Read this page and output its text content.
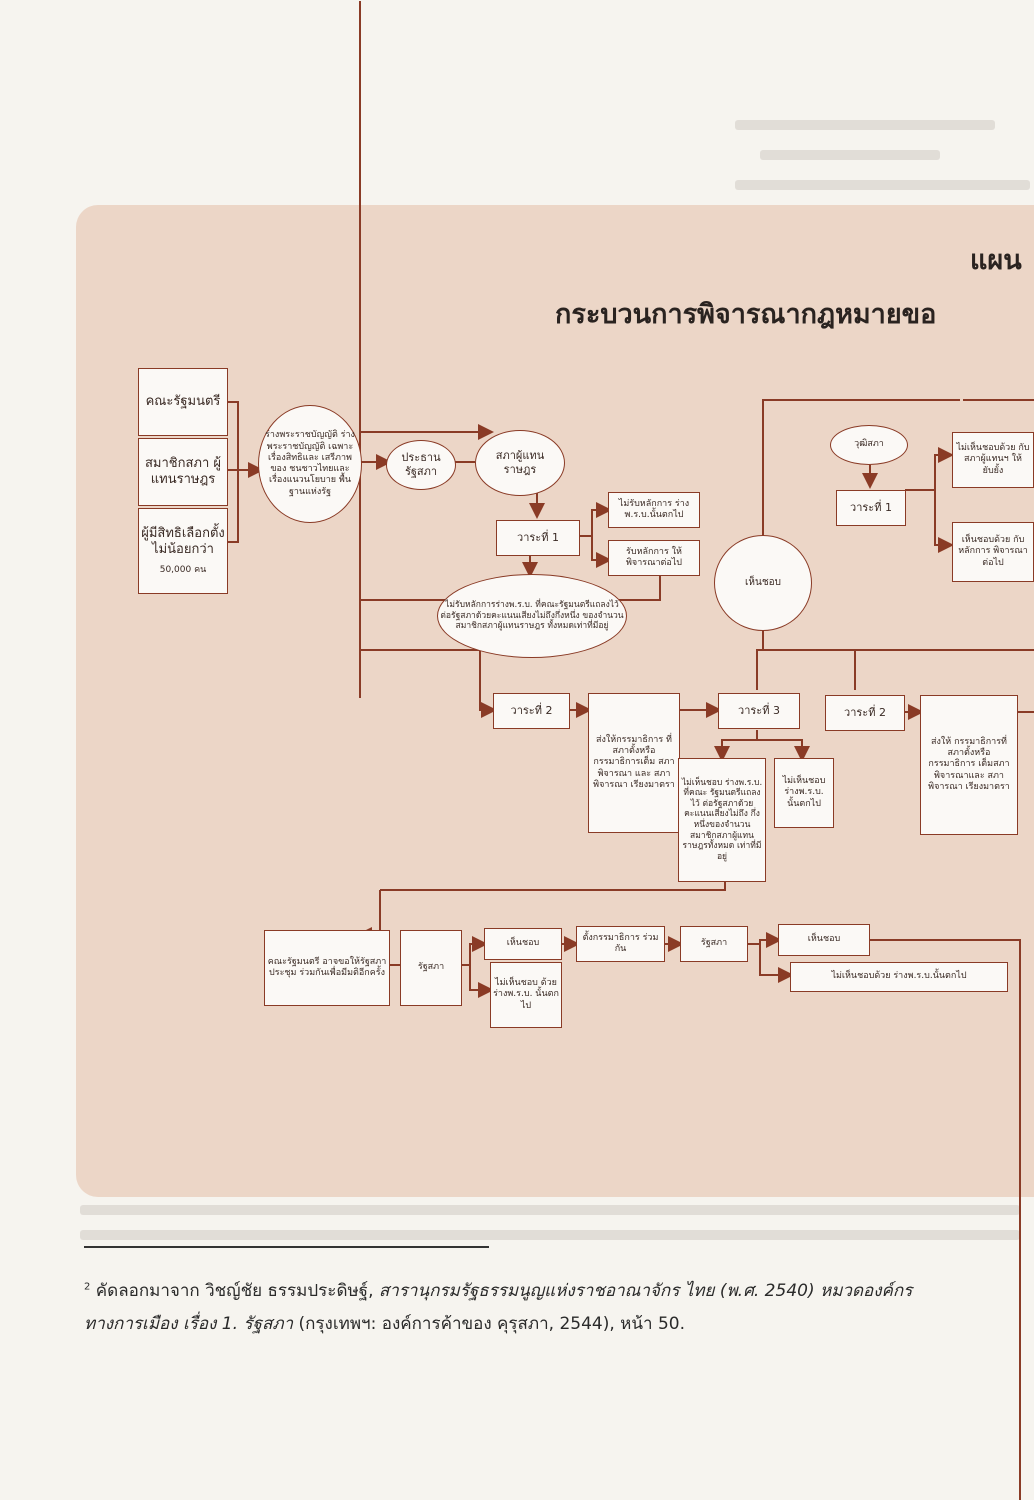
แผน
กระบวนการพิจารณากฎหมายขอ
คณะรัฐมนตรี
สมาชิกสภา ผู้แทนราษฎร
ผู้มีสิทธิเลือกตั้ง ไม่น้อยกว่า
50,000 คน
ร่างพระราชบัญญัติ ร่างพระราชบัญญัติ เฉพาะเรื่องสิทธิและ เสรีภาพของ ชนชาวไทยและ เรื่องแนวนโยบาย พื้นฐานแห่งรัฐ
ประธาน รัฐสภา
สภาผู้แทน ราษฎร
วาระที่ 1
ไม่รับหลักการ ร่างพ.ร.บ.นั้นตกไป
รับหลักการ ให้พิจารณาต่อไป
ไม่รับหลักการร่างพ.ร.บ. ที่คณะรัฐมนตรีแถลงไว้ ต่อรัฐสภาด้วยคะแนนเสียงไม่ถึงกึ่งหนึ่ง ของจำนวนสมาชิกสภาผู้แทนราษฎร ทั้งหมดเท่าที่มีอยู่
วาระที่ 2
ส่งให้กรรมาธิการ ที่สภาตั้งหรือ กรรมาธิการเต็ม สภาพิจารณา และ สภาพิจารณา เรียงมาตรา
วาระที่ 3
ไม่เห็นชอบ ร่างพ.ร.บ. ที่คณะ รัฐมนตรีแถลงไว้ ต่อรัฐสภาด้วย คะแนนเสียงไม่ถึง กึ่งหนึ่งของจำนวน สมาชิกสภาผู้แทน ราษฎรทั้งหมด เท่าที่มีอยู่
ไม่เห็นชอบ ร่างพ.ร.บ. นั้นตกไป
เห็นชอบ
วุฒิสภา
วาระที่ 1
ไม่เห็นชอบด้วย กับสภาผู้แทนฯ ให้ยับยั้ง
เห็นชอบด้วย กับหลักการ พิจารณาต่อไป
วาระที่ 2
ส่งให้ กรรมาธิการที่ สภาตั้งหรือ กรรมาธิการ เต็มสภา พิจารณาและ สภาพิจารณา เรียงมาตรา
คณะรัฐมนตรี อาจขอให้รัฐสภาประชุม ร่วมกันเพื่อมีมติอีกครั้ง
รัฐสภา
เห็นชอบ
ตั้งกรรมาธิการ ร่วมกัน
รัฐสภา	เห็นชอบ
ไม่เห็นชอบ ด้วย ร่างพ.ร.บ. นั้นตกไป
ไม่เห็นชอบด้วย ร่างพ.ร.บ.นั้นตกไป
$^2$ คัดลอกมาจาก วิชญ์ชัย ธรรมประดิษฐ์, สารานุกรมรัฐธรรมนูญแห่งราชอาณาจักร ไทย (พ.ศ. 2540) หมวดองค์กรทางการเมือง เรื่อง 1. รัฐสภา (กรุงเทพฯ: องค์การค้าของ คุรุสภา, 2544), หน้า 50.
